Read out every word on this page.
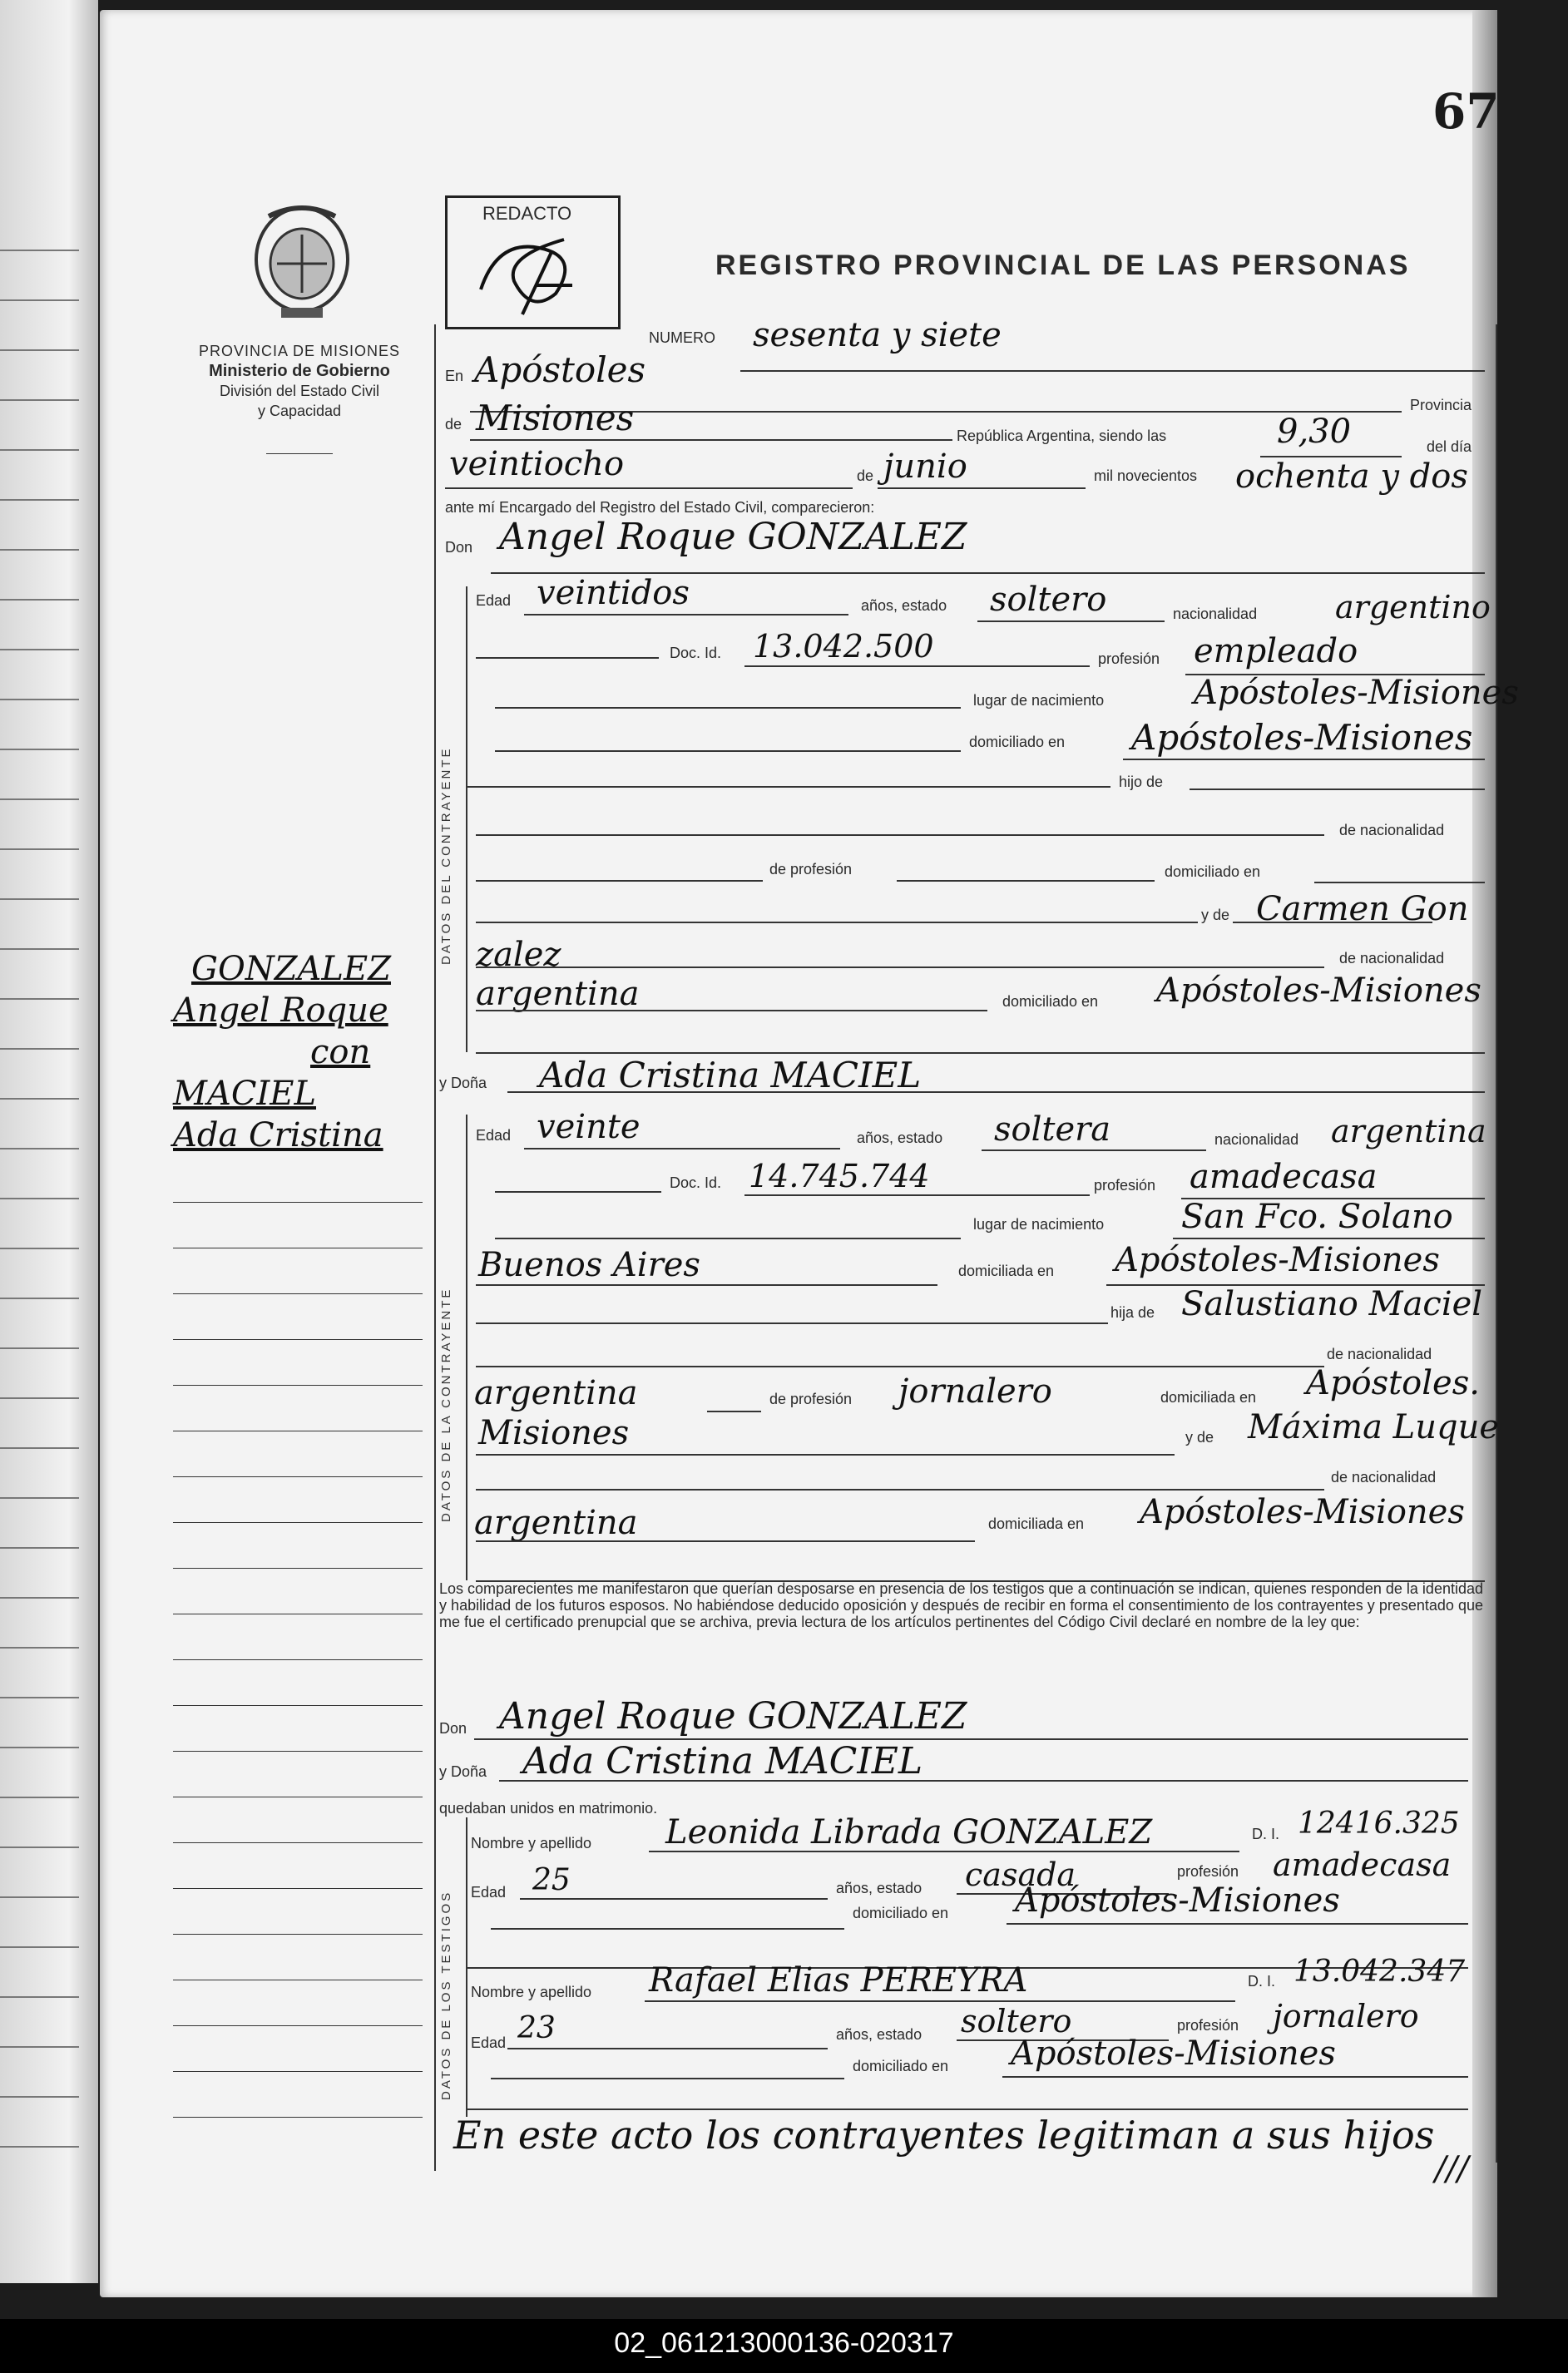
67
PROVINCIA DE MISIONES
Ministerio de Gobierno
División del Estado Civil
y Capacidad
REDACTO
REGISTRO PROVINCIAL DE LAS PERSONAS
GONZALEZ
Angel Roque
con
MACIEL
Ada Cristina
NUMERO sesenta y siete
En Apóstoles
de Misiones	Provincia
República Argentina, siendo las	9,30	del día
veintiocho	de junio	mil novecientos ochenta y dos
ante mí Encargado del Registro del Estado Civil, comparecieron:
Don Angel Roque GONZALEZ
DATOS DEL CONTRAYENTE
Edad veintidos	años, estado soltero	nacionalidad argentino
Doc. Id. 13.042.500	profesión empleado
lugar de nacimiento	Apóstoles-Misiones
domiciliado en Apóstoles-Misiones
hijo de
de nacionalidad
de profesión	domiciliado en
y de Carmen Gon
zalez	de nacionalidad
argentina	domiciliado en Apóstoles-Misiones
y Doña Ada Cristina MACIEL
DATOS DE LA CONTRAYENTE
Edad veinte	años, estado soltera	nacionalidad argentina
Doc. Id. 14.745.744	profesión amadecasa
lugar de nacimiento San Fco. Solano
Buenos Aires	domiciliada en Apóstoles-Misiones
hija de Salustiano Maciel
de nacionalidad
argentina	de profesión jornalero	domiciliada en Apóstoles.
Misiones	y de Máxima Luque
de nacionalidad
argentina	domiciliada en Apóstoles-Misiones
Los comparecientes me manifestaron que querían desposarse en presencia de los testigos que a continuación se indican, quienes responden de la identidad y habilidad de los futuros esposos. No habiéndose deducido oposición y después de recibir en forma el consentimiento de los contrayentes y presentado que me fue el certificado prenupcial que se archiva, previa lectura de los artículos pertinentes del Código Civil declaré en nombre de la ley que:
Don Angel Roque GONZALEZ
y Doña Ada Cristina MACIEL
quedaban unidos en matrimonio.
DATOS DE LOS TESTIGOS
Nombre y apellido Leonida Librada GONZALEZ	D. I. 12416.325
Edad 25	años, estado casada	profesión amadecasa
domiciliado en Apóstoles-Misiones
Nombre y apellido Rafael Elias PEREYRA	D. I. 13.042.347
Edad 23	años, estado soltero	profesión jornalero
domiciliado en Apóstoles-Misiones
En este acto los contrayentes legitiman a sus hijos
///
02_061213000136-020317
